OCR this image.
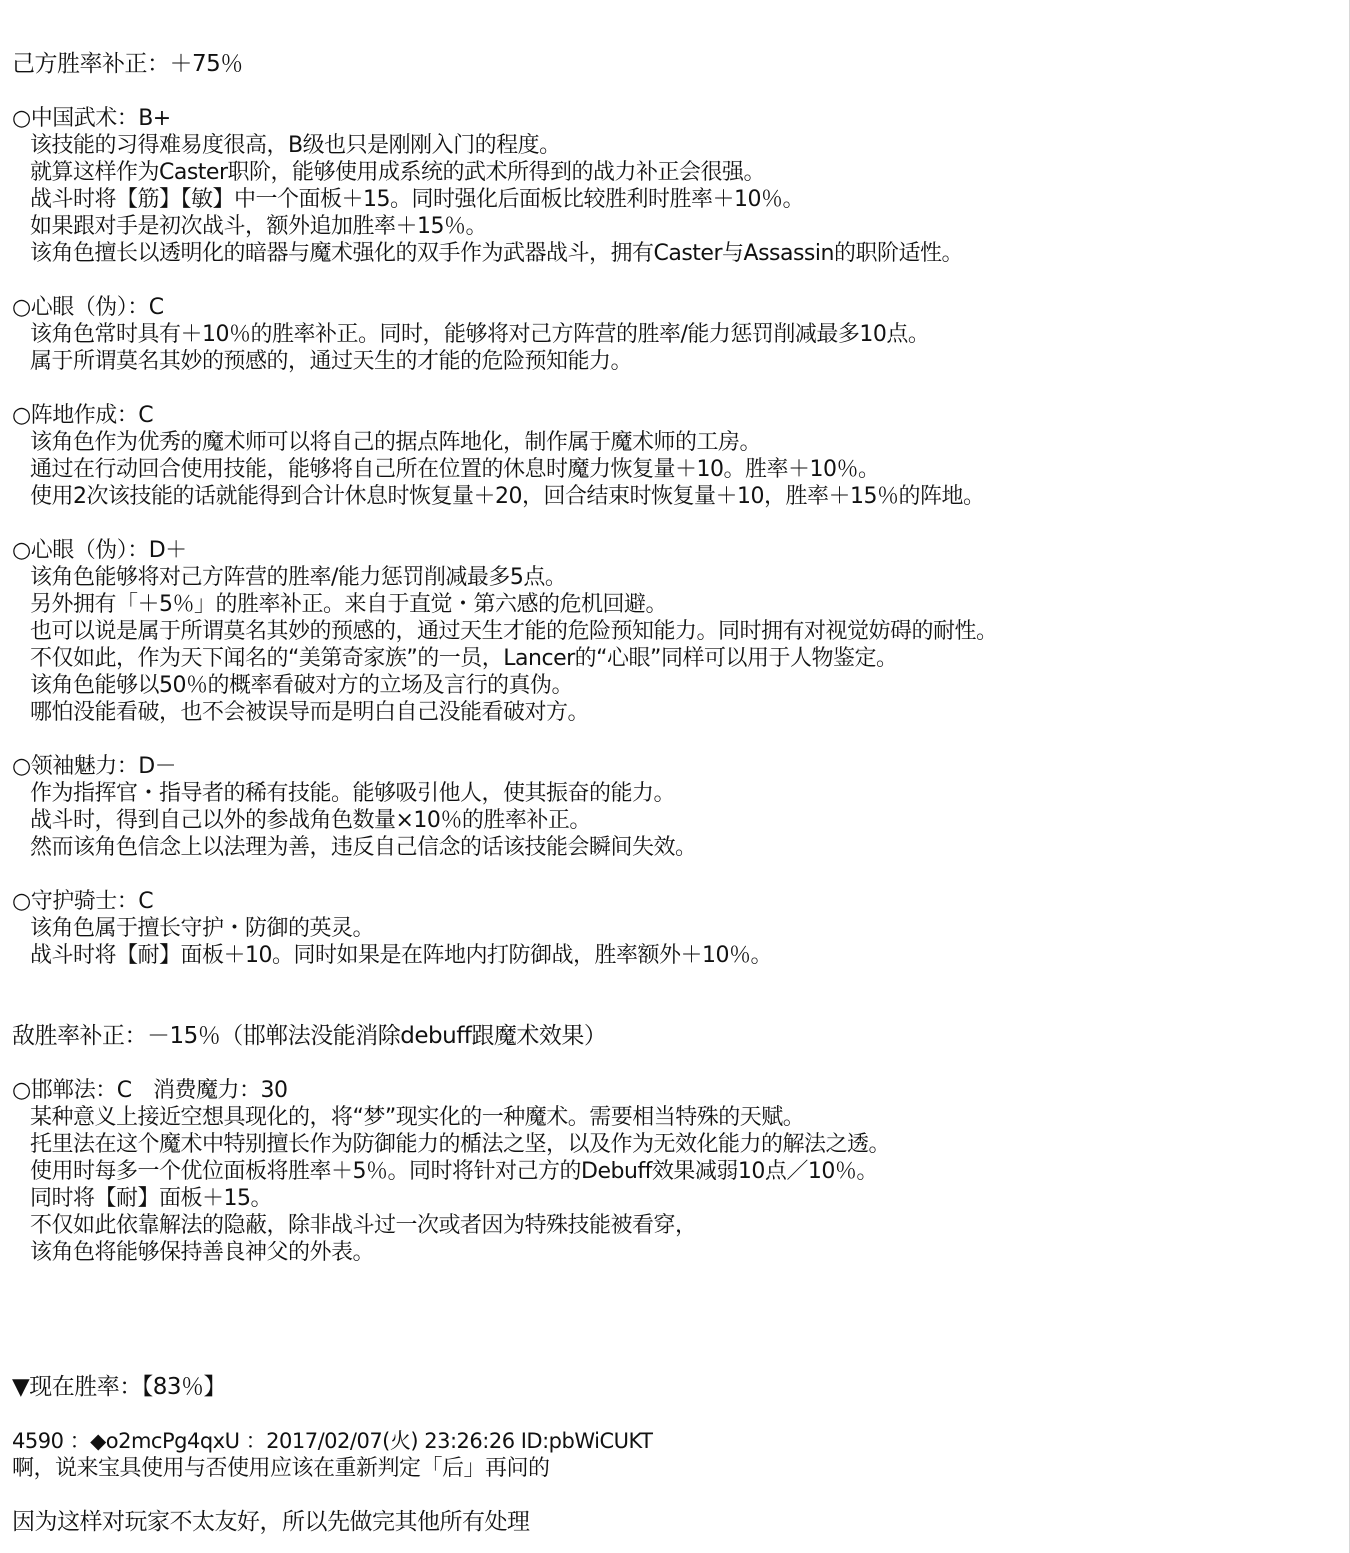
己方胜率补正：＋75％
○中国武术：B+
该技能的习得难易度很高，B级也只是刚刚入门的程度。
就算这样作为Caster职阶，能够使用成系统的武术所得到的战力补正会很强。
战斗时将【筋】【敏】中一个面板＋15。同时强化后面板比较胜利时胜率＋10％。
如果跟对手是初次战斗，额外追加胜率＋15％。
该角色擅长以透明化的暗器与魔术强化的双手作为武器战斗，拥有Caster与Assassin的职阶适性。
○心眼（伪）：C
该角色常时具有＋10％的胜率补正。同时，能够将对己方阵营的胜率/能力惩罚削减最多10点。
属于所谓莫名其妙的预感的，通过天生的才能的危险预知能力。
○阵地作成：C
该角色作为优秀的魔术师可以将自己的据点阵地化，制作属于魔术师的工房。
通过在行动回合使用技能，能够将自己所在位置的休息时魔力恢复量＋10。胜率＋10％。
使用2次该技能的话就能得到合计休息时恢复量＋20，回合结束时恢复量＋10，胜率＋15％的阵地。
○心眼（伪）：D＋
该角色能够将对己方阵营的胜率/能力惩罚削减最多5点。
另外拥有「＋5％」的胜率补正。来自于直觉・第六感的危机回避。
也可以说是属于所谓莫名其妙的预感的，通过天生才能的危险预知能力。同时拥有对视觉妨碍的耐性。
不仅如此，作为天下闻名的“美第奇家族”的一员，Lancer的“心眼”同样可以用于人物鉴定。
该角色能够以50％的概率看破对方的立场及言行的真伪。
哪怕没能看破，也不会被误导而是明白自己没能看破对方。
○领袖魅力：D－
作为指挥官・指导者的稀有技能。能够吸引他人，使其振奋的能力。
战斗时，得到自己以外的参战角色数量×10％的胜率补正。
然而该角色信念上以法理为善，违反自己信念的话该技能会瞬间失效。
○守护骑士：C
该角色属于擅长守护・防御的英灵。
战斗时将【耐】面板＋10。同时如果是在阵地内打防御战，胜率额外＋10％。
敌胜率补正：－15％（邯郸法没能消除debuff跟魔术效果）
○邯郸法：C　消费魔力：30
某种意义上接近空想具现化的，将“梦”现实化的一种魔术。需要相当特殊的天赋。
托里法在这个魔术中特别擅长作为防御能力的楯法之坚，以及作为无效化能力的解法之透。
使用时每多一个优位面板将胜率＋5％。同时将针对己方的Debuff效果减弱10点／10％。
同时将【耐】面板＋15。
不仅如此依靠解法的隐蔽，除非战斗过一次或者因为特殊技能被看穿，
该角色将能够保持善良神父的外表。
▼现在胜率：【83％】
4590 ：◆o2mcPg4qxU ：2017/02/07(火) 23:26:26 ID:pbWiCUKT
啊，说来宝具使用与否使用应该在重新判定「后」再问的
因为这样对玩家不太友好，所以先做完其他所有处理
